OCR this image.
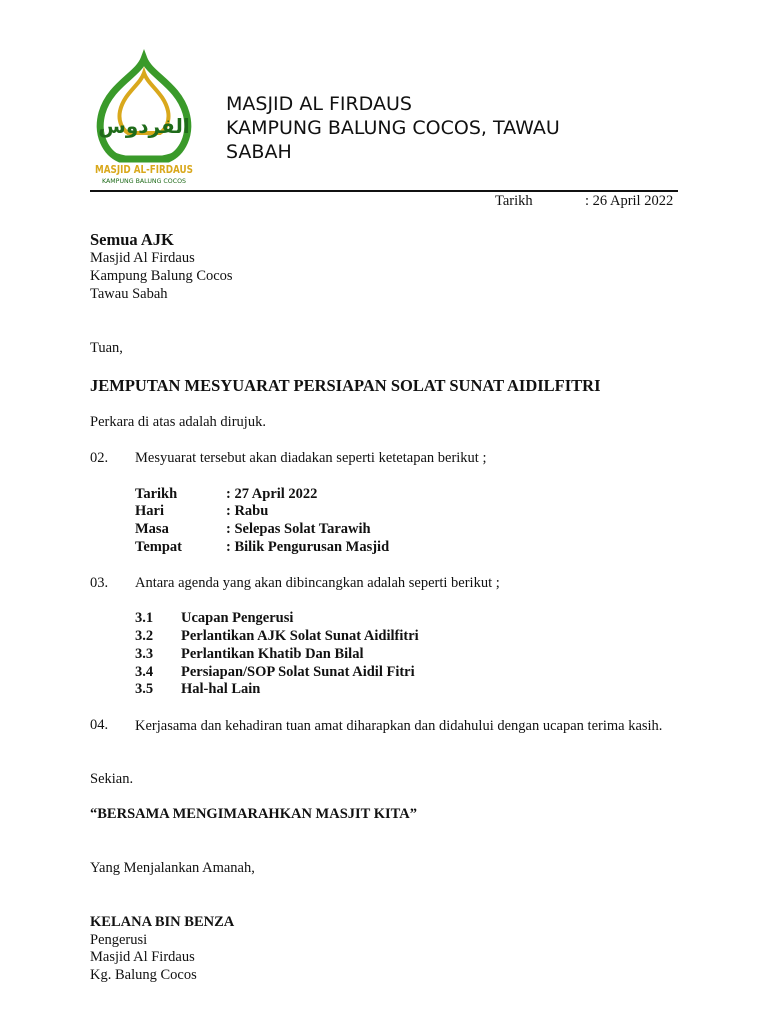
الفردوس
MASJID AL-FIRDAUS
KAMPUNG BALUNG COCOS
MASJID AL FIRDAUS
KAMPUNG BALUNG COCOS, TAWAU
SABAH
Tarikh	: 26 April 2022
Semua AJK
Masjid Al Firdaus
Kampung Balung Cocos
Tawau Sabah
Tuan,
JEMPUTAN MESYUARAT PERSIAPAN SOLAT SUNAT AIDILFITRI
Perkara di atas adalah dirujuk.
02. Mesyuarat tersebut akan diadakan seperti ketetapan berikut ;
Tarikh	: 27 April 2022
Hari	: Rabu
Masa	: Selepas Solat Tarawih
Tempat	: Bilik Pengurusan Masjid
03. Antara agenda yang akan dibincangkan adalah seperti berikut ;
3.1 Ucapan Pengerusi
3.2 Perlantikan AJK Solat Sunat Aidilfitri
3.3 Perlantikan Khatib Dan Bilal
3.4 Persiapan/SOP Solat Sunat Aidil Fitri
3.5 Hal-hal Lain
04.	Kerjasama dan kehadiran tuan amat diharapkan dan didahului dengan ucapan terima kasih.
Sekian.
“BERSAMA MENGIMARAHKAN MASJIT KITA”
Yang Menjalankan Amanah,
KELANA BIN BENZA
Pengerusi
Masjid Al Firdaus
Kg. Balung Cocos
